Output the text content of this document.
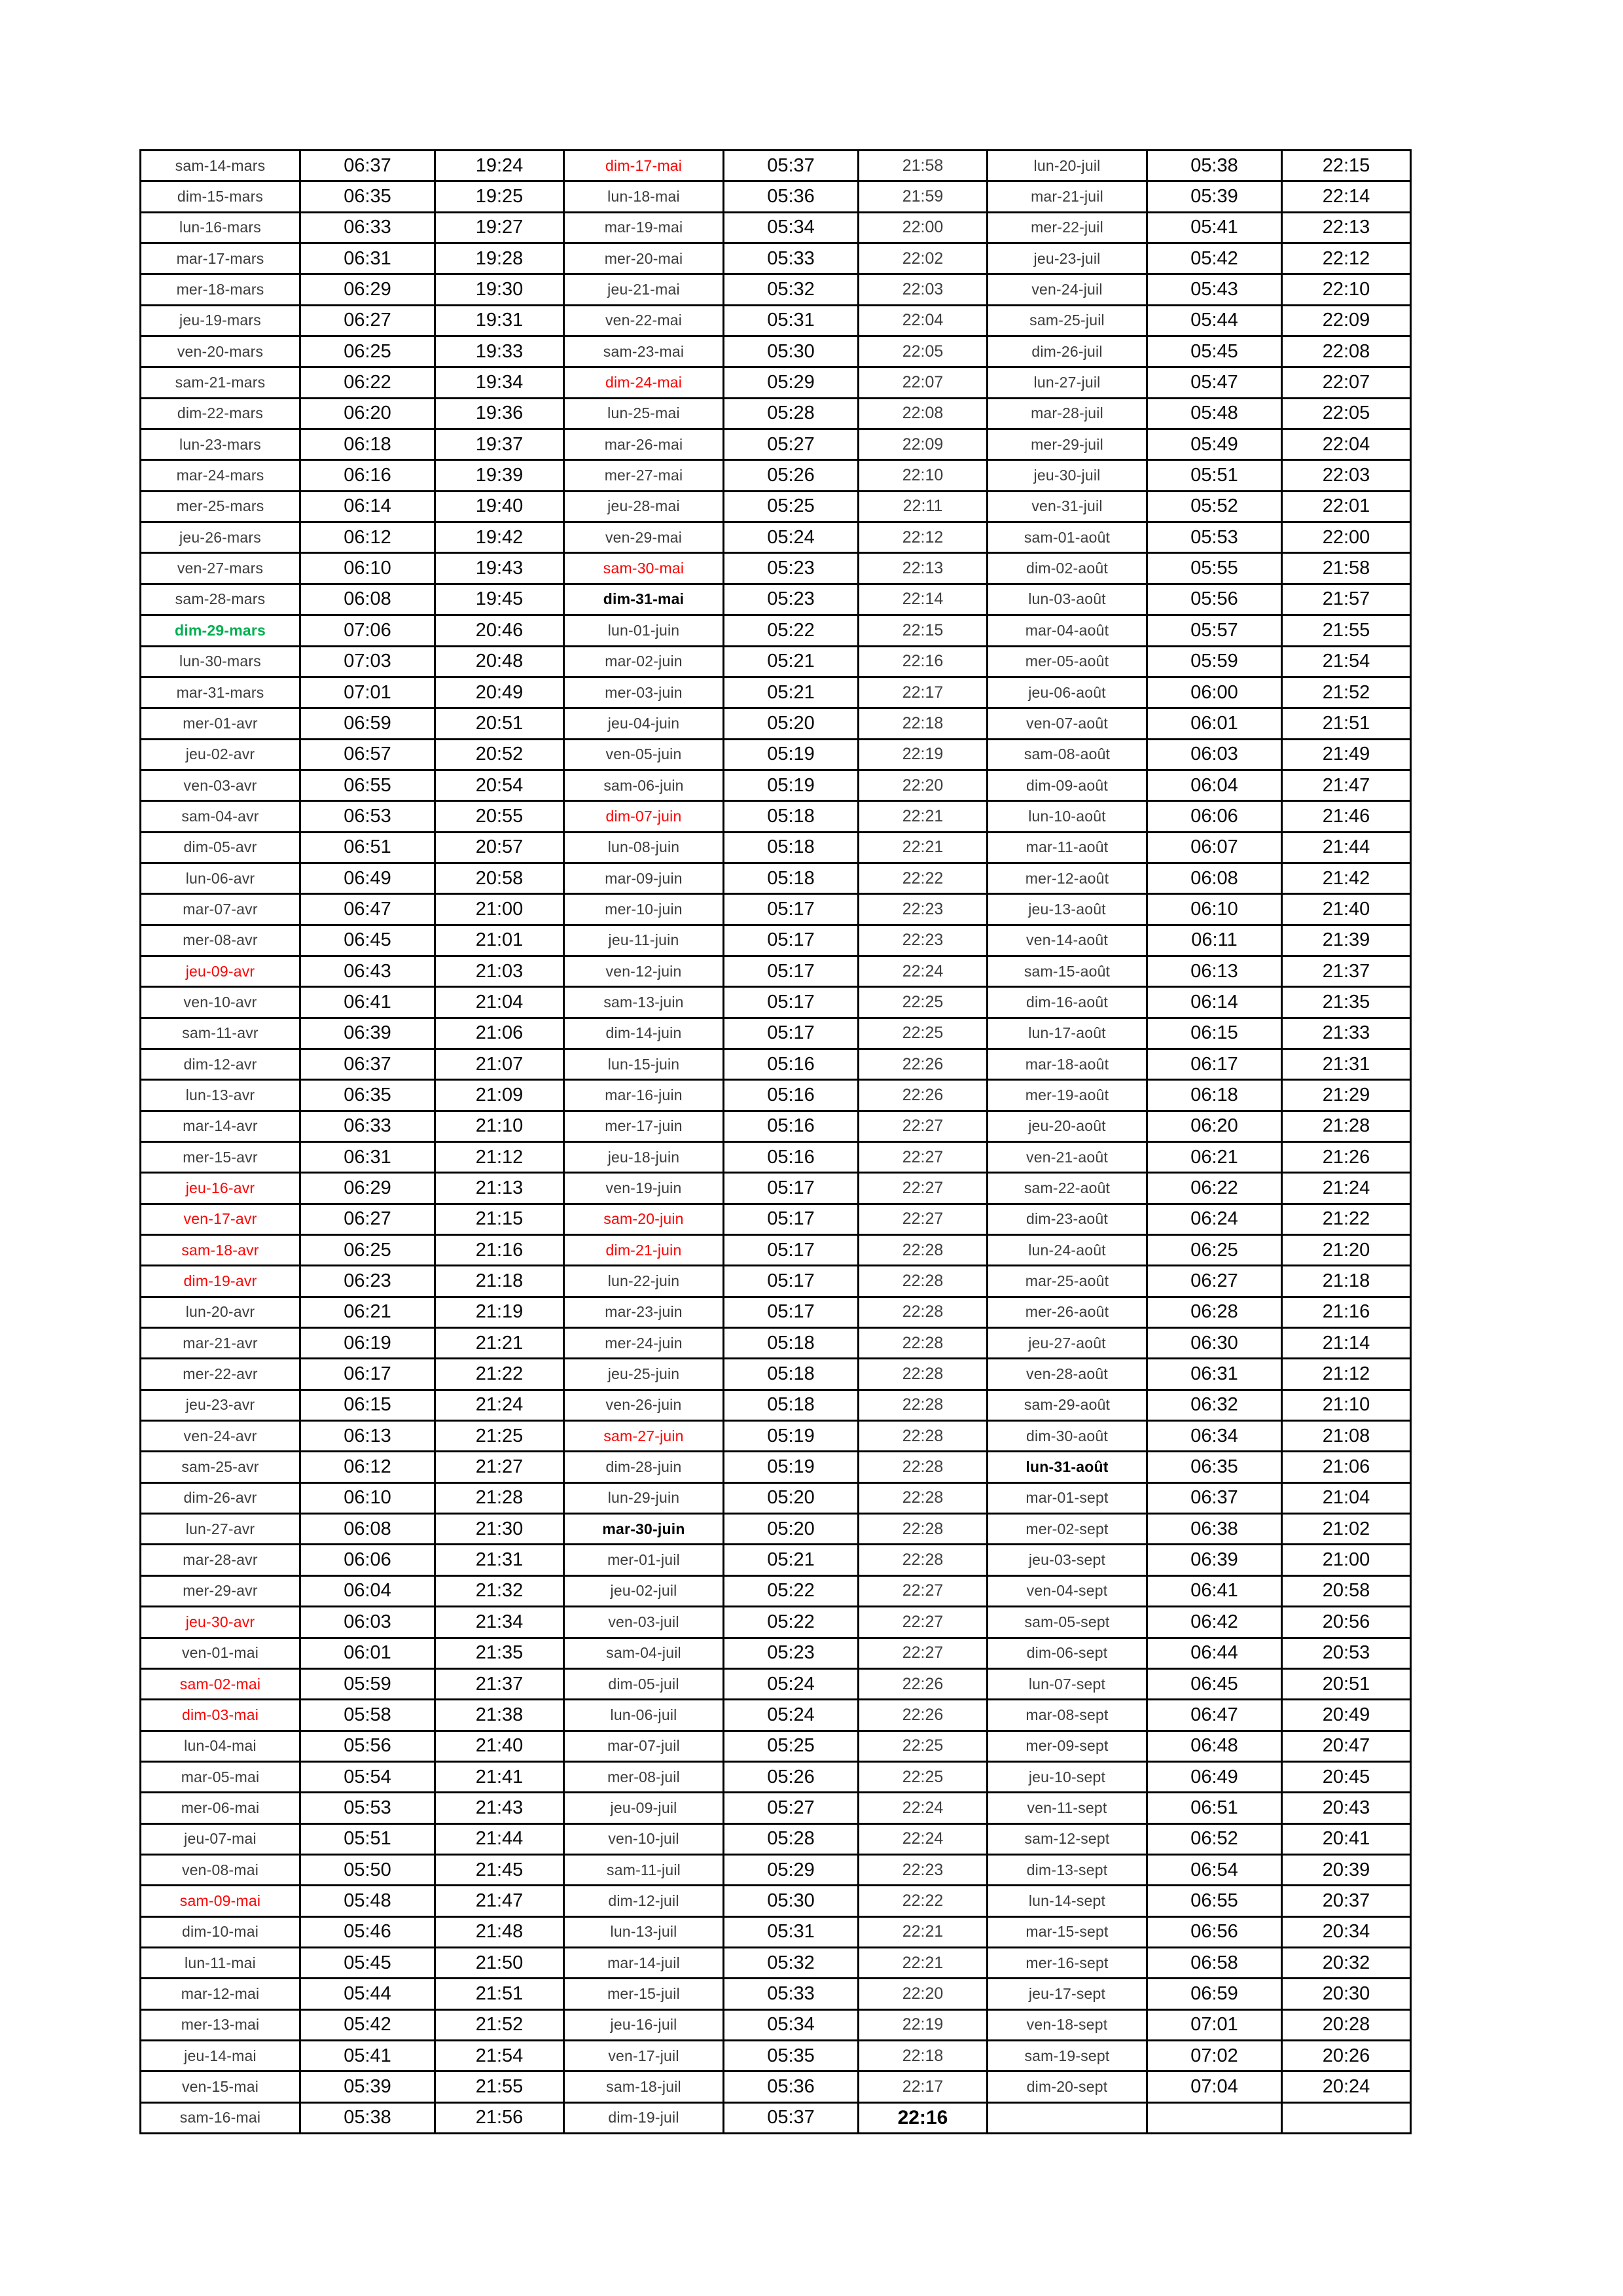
sam-14-mars	06:37	19:24	dim-17-mai	05:37	21:58	lun-20-juil	05:38	22:15
dim-15-mars	06:35	19:25	lun-18-mai	05:36	21:59	mar-21-juil	05:39	22:14
lun-16-mars	06:33	19:27	mar-19-mai	05:34	22:00	mer-22-juil	05:41	22:13
mar-17-mars	06:31	19:28	mer-20-mai	05:33	22:02	jeu-23-juil	05:42	22:12
mer-18-mars	06:29	19:30	jeu-21-mai	05:32	22:03	ven-24-juil	05:43	22:10
jeu-19-mars	06:27	19:31	ven-22-mai	05:31	22:04	sam-25-juil	05:44	22:09
ven-20-mars	06:25	19:33	sam-23-mai	05:30	22:05	dim-26-juil	05:45	22:08
sam-21-mars	06:22	19:34	dim-24-mai	05:29	22:07	lun-27-juil	05:47	22:07
dim-22-mars	06:20	19:36	lun-25-mai	05:28	22:08	mar-28-juil	05:48	22:05
lun-23-mars	06:18	19:37	mar-26-mai	05:27	22:09	mer-29-juil	05:49	22:04
mar-24-mars	06:16	19:39	mer-27-mai	05:26	22:10	jeu-30-juil	05:51	22:03
mer-25-mars	06:14	19:40	jeu-28-mai	05:25	22:11	ven-31-juil	05:52	22:01
jeu-26-mars	06:12	19:42	ven-29-mai	05:24	22:12	sam-01-août	05:53	22:00
ven-27-mars	06:10	19:43	sam-30-mai	05:23	22:13	dim-02-août	05:55	21:58
sam-28-mars	06:08	19:45	dim-31-mai	05:23	22:14	lun-03-août	05:56	21:57
dim-29-mars	07:06	20:46	lun-01-juin	05:22	22:15	mar-04-août	05:57	21:55
lun-30-mars	07:03	20:48	mar-02-juin	05:21	22:16	mer-05-août	05:59	21:54
mar-31-mars	07:01	20:49	mer-03-juin	05:21	22:17	jeu-06-août	06:00	21:52
mer-01-avr	06:59	20:51	jeu-04-juin	05:20	22:18	ven-07-août	06:01	21:51
jeu-02-avr	06:57	20:52	ven-05-juin	05:19	22:19	sam-08-août	06:03	21:49
ven-03-avr	06:55	20:54	sam-06-juin	05:19	22:20	dim-09-août	06:04	21:47
sam-04-avr	06:53	20:55	dim-07-juin	05:18	22:21	lun-10-août	06:06	21:46
dim-05-avr	06:51	20:57	lun-08-juin	05:18	22:21	mar-11-août	06:07	21:44
lun-06-avr	06:49	20:58	mar-09-juin	05:18	22:22	mer-12-août	06:08	21:42
mar-07-avr	06:47	21:00	mer-10-juin	05:17	22:23	jeu-13-août	06:10	21:40
mer-08-avr	06:45	21:01	jeu-11-juin	05:17	22:23	ven-14-août	06:11	21:39
jeu-09-avr	06:43	21:03	ven-12-juin	05:17	22:24	sam-15-août	06:13	21:37
ven-10-avr	06:41	21:04	sam-13-juin	05:17	22:25	dim-16-août	06:14	21:35
sam-11-avr	06:39	21:06	dim-14-juin	05:17	22:25	lun-17-août	06:15	21:33
dim-12-avr	06:37	21:07	lun-15-juin	05:16	22:26	mar-18-août	06:17	21:31
lun-13-avr	06:35	21:09	mar-16-juin	05:16	22:26	mer-19-août	06:18	21:29
mar-14-avr	06:33	21:10	mer-17-juin	05:16	22:27	jeu-20-août	06:20	21:28
mer-15-avr	06:31	21:12	jeu-18-juin	05:16	22:27	ven-21-août	06:21	21:26
jeu-16-avr	06:29	21:13	ven-19-juin	05:17	22:27	sam-22-août	06:22	21:24
ven-17-avr	06:27	21:15	sam-20-juin	05:17	22:27	dim-23-août	06:24	21:22
sam-18-avr	06:25	21:16	dim-21-juin	05:17	22:28	lun-24-août	06:25	21:20
dim-19-avr	06:23	21:18	lun-22-juin	05:17	22:28	mar-25-août	06:27	21:18
lun-20-avr	06:21	21:19	mar-23-juin	05:17	22:28	mer-26-août	06:28	21:16
mar-21-avr	06:19	21:21	mer-24-juin	05:18	22:28	jeu-27-août	06:30	21:14
mer-22-avr	06:17	21:22	jeu-25-juin	05:18	22:28	ven-28-août	06:31	21:12
jeu-23-avr	06:15	21:24	ven-26-juin	05:18	22:28	sam-29-août	06:32	21:10
ven-24-avr	06:13	21:25	sam-27-juin	05:19	22:28	dim-30-août	06:34	21:08
sam-25-avr	06:12	21:27	dim-28-juin	05:19	22:28	lun-31-août	06:35	21:06
dim-26-avr	06:10	21:28	lun-29-juin	05:20	22:28	mar-01-sept	06:37	21:04
lun-27-avr	06:08	21:30	mar-30-juin	05:20	22:28	mer-02-sept	06:38	21:02
mar-28-avr	06:06	21:31	mer-01-juil	05:21	22:28	jeu-03-sept	06:39	21:00
mer-29-avr	06:04	21:32	jeu-02-juil	05:22	22:27	ven-04-sept	06:41	20:58
jeu-30-avr	06:03	21:34	ven-03-juil	05:22	22:27	sam-05-sept	06:42	20:56
ven-01-mai	06:01	21:35	sam-04-juil	05:23	22:27	dim-06-sept	06:44	20:53
sam-02-mai	05:59	21:37	dim-05-juil	05:24	22:26	lun-07-sept	06:45	20:51
dim-03-mai	05:58	21:38	lun-06-juil	05:24	22:26	mar-08-sept	06:47	20:49
lun-04-mai	05:56	21:40	mar-07-juil	05:25	22:25	mer-09-sept	06:48	20:47
mar-05-mai	05:54	21:41	mer-08-juil	05:26	22:25	jeu-10-sept	06:49	20:45
mer-06-mai	05:53	21:43	jeu-09-juil	05:27	22:24	ven-11-sept	06:51	20:43
jeu-07-mai	05:51	21:44	ven-10-juil	05:28	22:24	sam-12-sept	06:52	20:41
ven-08-mai	05:50	21:45	sam-11-juil	05:29	22:23	dim-13-sept	06:54	20:39
sam-09-mai	05:48	21:47	dim-12-juil	05:30	22:22	lun-14-sept	06:55	20:37
dim-10-mai	05:46	21:48	lun-13-juil	05:31	22:21	mar-15-sept	06:56	20:34
lun-11-mai	05:45	21:50	mar-14-juil	05:32	22:21	mer-16-sept	06:58	20:32
mar-12-mai	05:44	21:51	mer-15-juil	05:33	22:20	jeu-17-sept	06:59	20:30
mer-13-mai	05:42	21:52	jeu-16-juil	05:34	22:19	ven-18-sept	07:01	20:28
jeu-14-mai	05:41	21:54	ven-17-juil	05:35	22:18	sam-19-sept	07:02	20:26
ven-15-mai	05:39	21:55	sam-18-juil	05:36	22:17	dim-20-sept	07:04	20:24
sam-16-mai	05:38	21:56	dim-19-juil	05:37	22:16			
